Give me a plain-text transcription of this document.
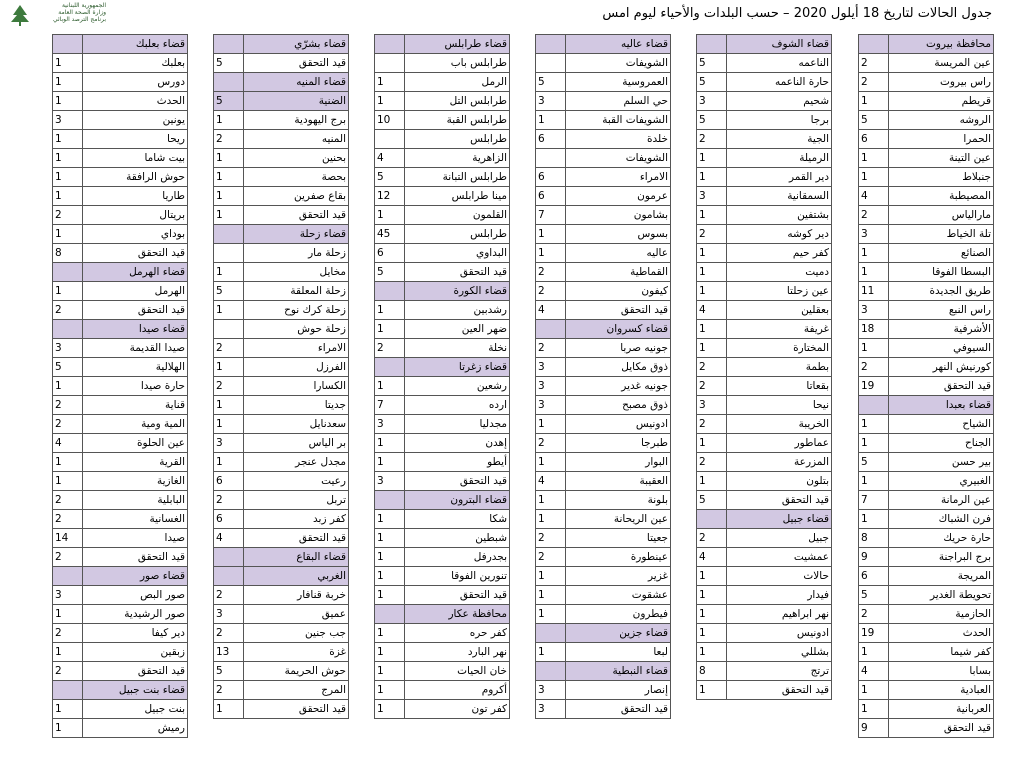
الجمهورية اللبنانية
وزارة الصحة العامة
برنامج الترصد الوبائي	جدول الحالات لتاريخ 18 أيلول 2020 – حسب البلدات والأحياء ليوم امس
محافظة بيروت	
عين المريسة	2
راس بيروت	2
قريطم	1
الروشه	5
الحمرا	6
عين التينة	1
جنبلاط	1
المصيطبة	4
مارالياس	2
تلة الخياط	3
الصنائع	1
البسطا الفوقا	1
طريق الجديدة	11
راس النبع	3
الأشرفية	18
السيوفي	1
كورنيش النهر	2
قيد التحقق	19
قضاء بعبدا	
الشياح	1
الجناح	1
بير حسن	5
الغبيري	1
عين الرمانة	7
فرن الشباك	1
حارة حريك	8
برج البراجنة	9
المريجة	6
تحويطة الغدير	5
الحازمية	2
الحدث	19
كفر شيما	1
بسابا	4
العبادية	1
العربانية	1
قيد التحقق	9
قضاء الشوف	
الناعمه	5
حارة الناعمه	5
شحيم	3
برجا	5
الجية	2
الرميلة	1
دير القمر	1
السمقانية	3
بشتفين	1
دير كوشه	2
كفر حيم	1
دميت	1
عين زحلتا	1
بعقلين	4
غريفة	1
المختارة	1
بطمة	2
بقعاتا	2
نيحا	3
الخريبة	2
عماطور	1
المزرعة	2
بتلون	1
قيد التحقق	5
قضاء جبيل	
جبيل	2
عمشيت	4
حالات	1
فيدار	1
نهر ابراهيم	1
ادونيس	1
بشللي	1
ترتج	8
قيد التحقق	1
قضاء عاليه	
الشويفات	
العمروسية	5
حي السلم	3
الشويفات القبة	1
خلدة	6
الشويفات	
الامراء	6
عرمون	6
بشامون	7
بسوس	1
عاليه	1
القماطية	2
كيفون	2
قيد التحقق	4
قضاء كسروان	
جونيه صربا	2
ذوق مكايل	3
جونيه غدير	3
ذوق مصبح	3
ادونيس	1
طبرجا	2
البوار	1
العقيبة	4
بلونة	1
عين الريحانة	1
جعيتا	2
عينطورة	2
غزير	1
عشقوت	1
فيطرون	1
قضاء جزين	
لبعا	1
قضاء النبطية	
إنصار	3
قيد التحقق	3
قضاء طرابلس	
طرابلس باب	
الرمل	1
طرابلس التل	1
طرابلس القبة	10
طرابلس	
الزاهرية	4
طرابلس التبانة	5
مينا طرابلس	12
القلمون	1
طرابلس	45
البداوي	6
قيد التحقق	5
قضاء الكورة	
رشدبين	1
ضهر العين	1
نخلة	2
قضاء زغرتا	
رشعين	1
ارده	7
مجدليا	3
إهدن	1
أيطو	1
قيد التحقق	3
قضاء البترون	
شكا	1
شبطين	1
بجدرفل	1
تنورين الفوقا	1
قيد التحقق	1
محافظة عكار	
كفر حره	1
نهر البارد	1
خان الحيات	1
أكروم	1
كفر تون	1
قضاء بشرّي	
قيد التحقق	5
قضاء المنيه	
الضنية	5
برج اليهودية	1
المنيه	2
بحنين	1
بحصة	1
بقاع صفرين	1
قيد التحقق	1
قضاء زحلة	
زحلة مار	
مخايل	1
زحلة المعلقة	5
زحلة كرك نوح	1
زحلة حوش	
الامراء	2
الفرزل	1
الكسارا	2
جديتا	1
سعدنايل	1
بر الياس	3
مجدل عنجر	1
رعيت	6
تربل	2
كفر زبد	6
قيد التحقق	4
قضاء البقاع	
الغربي	
خربة قنافار	2
عميق	3
جب جنين	2
غزة	13
حوش الحريمة	5
المرج	2
قيد التحقق	1
قضاء بعلبك	
بعلبك	1
دورس	1
الحدث	1
يونين	3
ريحا	1
بيت شاما	1
حوش الرافقة	1
طاريا	1
بريتال	2
بوداي	1
قيد التحقق	8
قضاء الهرمل	
الهرمل	1
قيد التحقق	2
قضاء صيدا	
صيدا القديمة	3
الهلالية	5
حارة صيدا	1
قناية	2
المية ومية	2
عين الحلوة	4
القرية	1
الغازية	1
البابلية	2
الغسانية	2
صيدا	14
قيد التحقق	2
قضاء صور	
صور البص	3
صور الرشيدية	1
دير كيفا	2
زبقين	1
قيد التحقق	2
قضاء بنت جبيل	
بنت جبيل	1
رميش	1
